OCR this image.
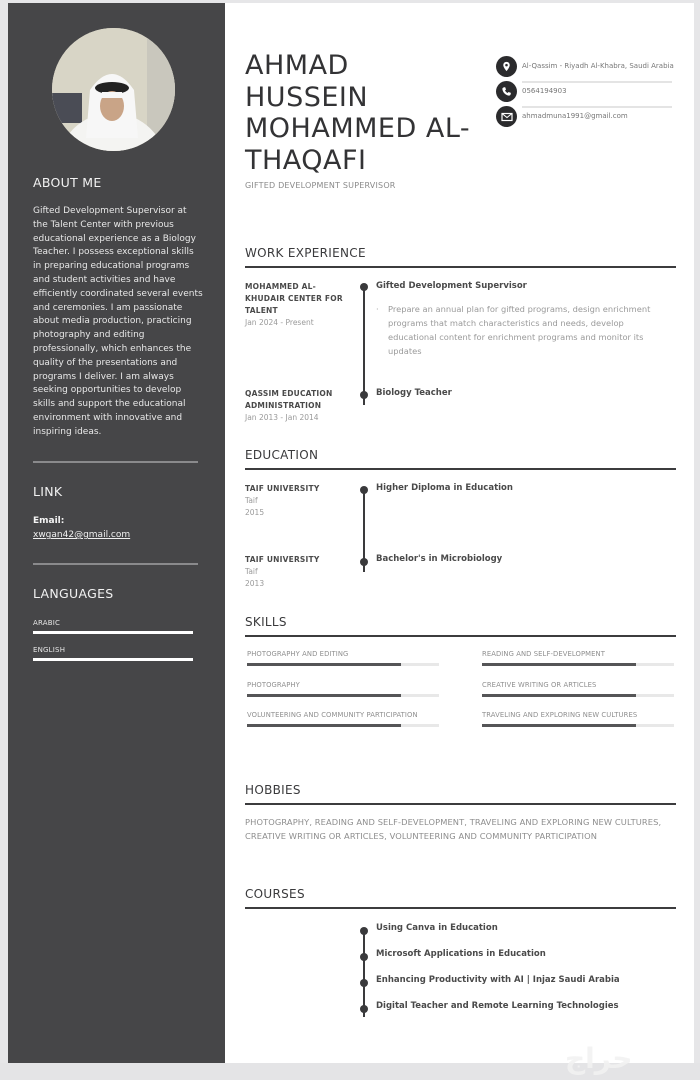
ABOUT ME
Gifted Development Supervisor at the Talent Center with previous educational experience as a Biology Teacher. I possess exceptional skills in preparing educational programs and student activities and have efficiently coordinated several events and ceremonies. I am passionate about media production, practicing photography and editing professionally, which enhances the quality of the presentations and programs I deliver. I am always seeking opportunities to develop skills and support the educational environment with innovative and inspiring ideas.
LINK
Email:
xwgan42@gmail.com
LANGUAGES
ARABIC
ENGLISH
AHMAD
HUSSEIN
MOHAMMED AL-
THAQAFI
GIFTED DEVELOPMENT SUPERVISOR
Al-Qassim - Riyadh Al-Khabra, Saudi Arabia
0564194903
ahmadmuna1991@gmail.com
WORK EXPERIENCE
MOHAMMED AL-KHUDAIR CENTER FOR TALENT
Jan 2024 - Present
Gifted Development Supervisor
· Prepare an annual plan for gifted programs, design enrichment programs that match characteristics and needs, develop educational content for enrichment programs and monitor its updates
QASSIM EDUCATION ADMINISTRATION
Jan 2013 - Jan 2014
Biology Teacher
EDUCATION
TAIF UNIVERSITY
Taif
2015
Higher Diploma in Education
TAIF UNIVERSITY
Taif
2013
Bachelor's in Microbiology
SKILLS
PHOTOGRAPHY AND EDITING	READING AND SELF-DEVELOPMENT
PHOTOGRAPHY	CREATIVE WRITING OR ARTICLES
VOLUNTEERING AND COMMUNITY PARTICIPATION	TRAVELING AND EXPLORING NEW CULTURES
HOBBIES
PHOTOGRAPHY, READING AND SELF-DEVELOPMENT, TRAVELING AND EXPLORING NEW CULTURES, CREATIVE WRITING OR ARTICLES, VOLUNTEERING AND COMMUNITY PARTICIPATION
COURSES
Using Canva in Education
Microsoft Applications in Education
Enhancing Productivity with AI | Injaz Saudi Arabia
Digital Teacher and Remote Learning Technologies
حراج
